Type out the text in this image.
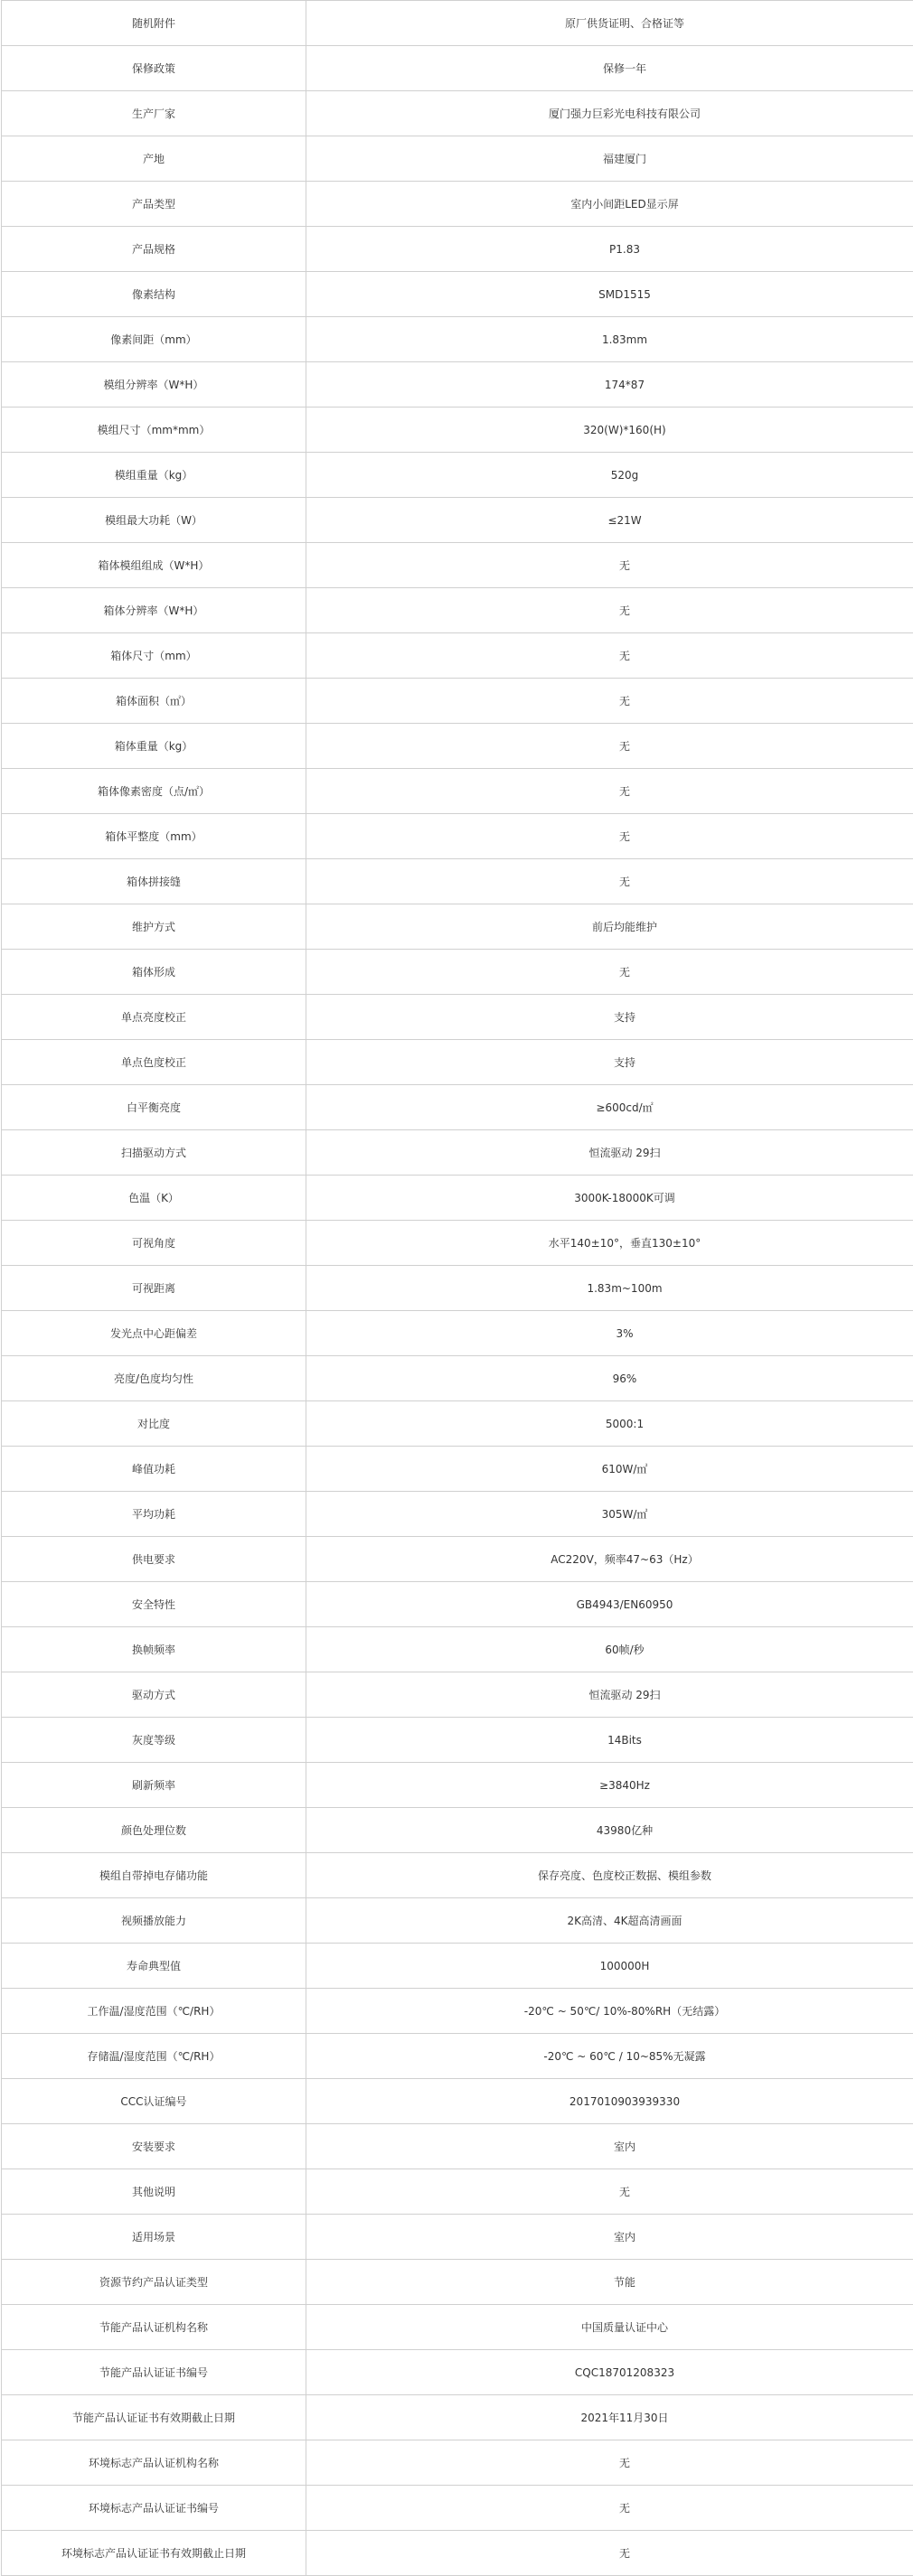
随机附件	原厂供货证明、合格证等
保修政策	保修一年
生产厂家	厦门强力巨彩光电科技有限公司
产地	福建厦门
产品类型	室内小间距LED显示屏
产品规格	P1.83
像素结构	SMD1515
像素间距（mm）	1.83mm
模组分辨率（W*H）	174*87
模组尺寸（mm*mm）	320(W)*160(H)
模组重量（kg）	520g
模组最大功耗（W）	≤21W
箱体模组组成（W*H）	无
箱体分辨率（W*H）	无
箱体尺寸（mm）	无
箱体面积（㎡）	无
箱体重量（kg）	无
箱体像素密度（点/㎡）	无
箱体平整度（mm）	无
箱体拼接缝	无
维护方式	前后均能维护
箱体形成	无
单点亮度校正	支持
单点色度校正	支持
白平衡亮度	≥600cd/㎡
扫描驱动方式	恒流驱动 29扫
色温（K）	3000K-18000K可调
可视角度	水平140±10°，垂直130±10°
可视距离	1.83m~100m
发光点中心距偏差	3%
亮度/色度均匀性	96%
对比度	5000:1
峰值功耗	610W/㎡
平均功耗	305W/㎡
供电要求	AC220V，频率47~63（Hz）
安全特性	GB4943/EN60950
换帧频率	60帧/秒
驱动方式	恒流驱动 29扫
灰度等级	14Bits
刷新频率	≥3840Hz
颜色处理位数	43980亿种
模组自带掉电存储功能	保存亮度、色度校正数据、模组参数
视频播放能力	2K高清、4K超高清画面
寿命典型值	100000H
工作温/湿度范围（℃/RH）	-20℃ ~ 50℃/ 10%-80%RH（无结露）
存储温/湿度范围（℃/RH）	-20℃ ~ 60℃ / 10~85%无凝露
CCC认证编号	2017010903939330
安装要求	室内
其他说明	无
适用场景	室内
资源节约产品认证类型	节能
节能产品认证机构名称	中国质量认证中心
节能产品认证证书编号	CQC18701208323
节能产品认证证书有效期截止日期	2021年11月30日
环境标志产品认证机构名称	无
环境标志产品认证证书编号	无
环境标志产品认证证书有效期截止日期	无
